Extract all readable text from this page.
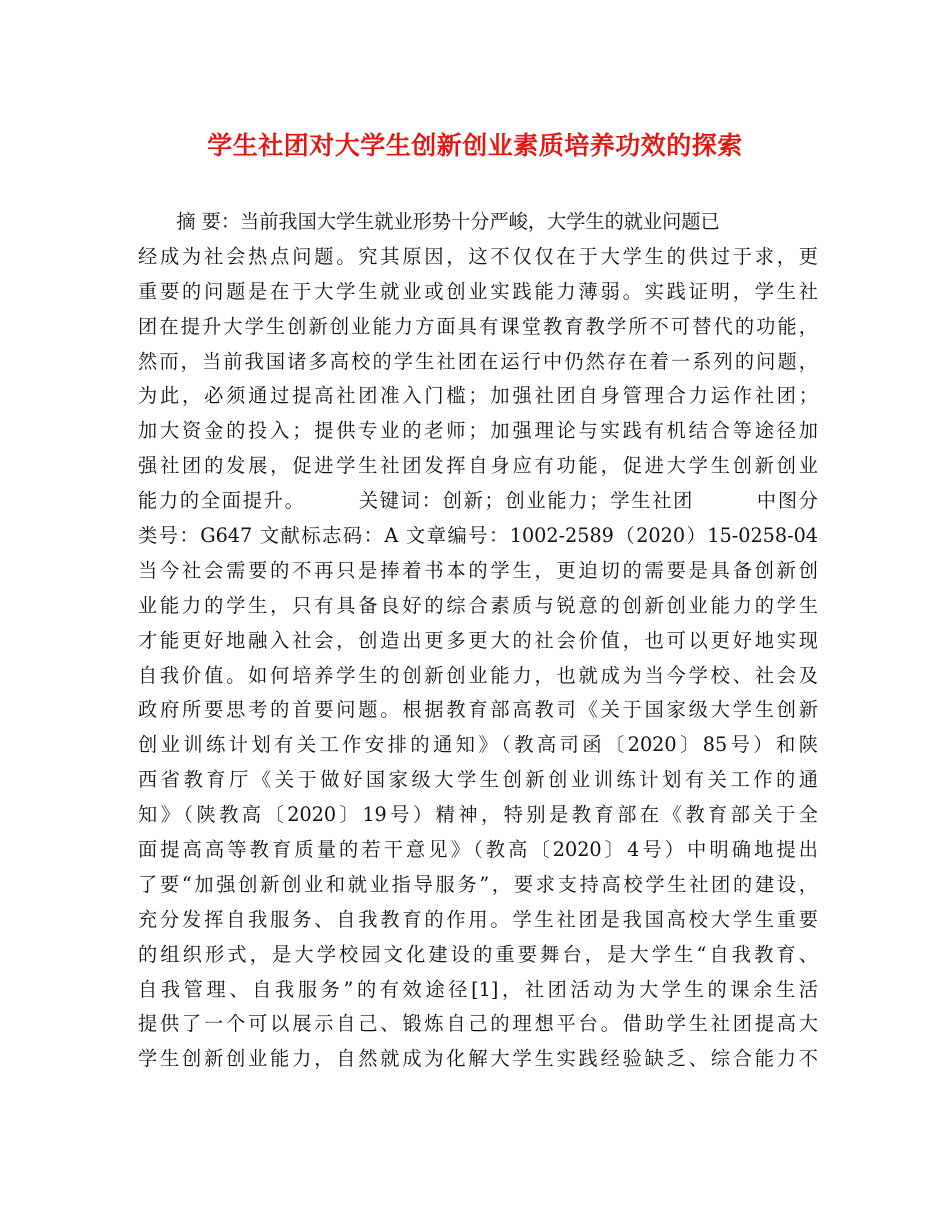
学生社团对大学生创新创业素质培养功效的探索
　　摘 要：当前我国大学生就业形势十分严峻，大学生的就业问题已
经成为社会热点问题。究其原因，这不仅仅在于大学生的供过于求，更
重要的问题是在于大学生就业或创业实践能力薄弱。实践证明，学生社
团在提升大学生创新创业能力方面具有课堂教育教学所不可替代的功能，
然而，当前我国诸多高校的学生社团在运行中仍然存在着一系列的问题，
为此，必须通过提高社团准入门槛；加强社团自身管理合力运作社团；
加大资金的投入；提供专业的老师；加强理论与实践有机结合等途径加
强社团的发展，促进学生社团发挥自身应有功能，促进大学生创新创业
能力的全面提升。　　　关键词：创新；创业能力；学生社团　　　中图分
类号：G647 文献标志码：A 文章编号：1002-2589（2020）15-0258-04
当今社会需要的不再只是捧着书本的学生，更迫切的需要是具备创新创
业能力的学生，只有具备良好的综合素质与锐意的创新创业能力的学生
才能更好地融入社会，创造出更多更大的社会价值，也可以更好地实现
自我价值。如何培养学生的创新创业能力，也就成为当今学校、社会及
政府所要思考的首要问题。根据教育部高教司《关于国家级大学生创新
创业训练计划有关工作安排的通知》（教高司函〔2020〕85号）和陕
西省教育厅《关于做好国家级大学生创新创业训练计划有关工作的通
知》（陕教高〔2020〕19号）精神，特别是教育部在《教育部关于全
面提高高等教育质量的若干意见》（教高〔2020〕4号）中明确地提出
了要“加强创新创业和就业指导服务”，要求支持高校学生社团的建设，
充分发挥自我服务、自我教育的作用。学生社团是我国高校大学生重要
的组织形式，是大学校园文化建设的重要舞台，是大学生“自我教育、
自我管理、自我服务”的有效途径[1]，社团活动为大学生的课余生活
提供了一个可以展示自己、锻炼自己的理想平台。借助学生社团提高大
学生创新创业能力，自然就成为化解大学生实践经验缺乏、综合能力不
